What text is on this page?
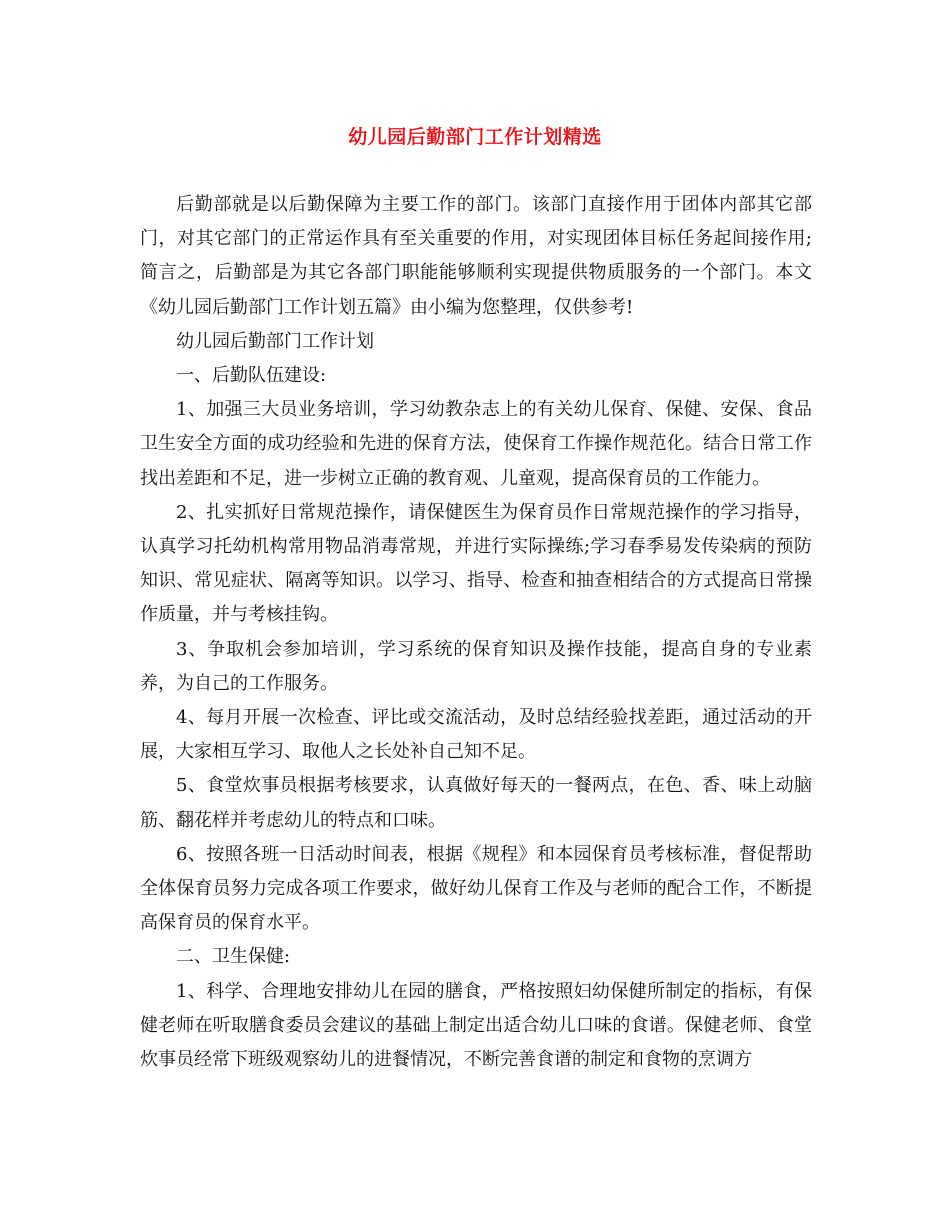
幼儿园后勤部门工作计划精选

后勤部就是以后勤保障为主要工作的部门。该部门直接作用于团体内部其它部门，对其它部门的正常运作具有至关重要的作用，对实现团体目标任务起间接作用;简言之，后勤部是为其它各部门职能能够顺利实现提供物质服务的一个部门。本文《幼儿园后勤部门工作计划五篇》由小编为您整理，仅供参考!

幼儿园后勤部门工作计划

一、后勤队伍建设:

1、加强三大员业务培训，学习幼教杂志上的有关幼儿保育、保健、安保、食品卫生安全方面的成功经验和先进的保育方法，使保育工作操作规范化。结合日常工作找出差距和不足，进一步树立正确的教育观、儿童观，提高保育员的工作能力。

2、扎实抓好日常规范操作，请保健医生为保育员作日常规范操作的学习指导，认真学习托幼机构常用物品消毒常规，并进行实际操练;学习春季易发传染病的预防知识、常见症状、隔离等知识。以学习、指导、检查和抽查相结合的方式提高日常操作质量，并与考核挂钩。

3、争取机会参加培训，学习系统的保育知识及操作技能，提高自身的专业素养，为自己的工作服务。

4、每月开展一次检查、评比或交流活动，及时总结经验找差距，通过活动的开展，大家相互学习、取他人之长处补自己知不足。

5、食堂炊事员根据考核要求，认真做好每天的一餐两点，在色、香、味上动脑筋、翻花样并考虑幼儿的特点和口味。

6、按照各班一日活动时间表，根据《规程》和本园保育员考核标准，督促帮助全体保育员努力完成各项工作要求，做好幼儿保育工作及与老师的配合工作，不断提高保育员的保育水平。

二、卫生保健:

1、科学、合理地安排幼儿在园的膳食，严格按照妇幼保健所制定的指标，有保健老师在听取膳食委员会建议的基础上制定出适合幼儿口味的食谱。保健老师、食堂炊事员经常下班级观察幼儿的进餐情况，不断完善食谱的制定和食物的烹调方
